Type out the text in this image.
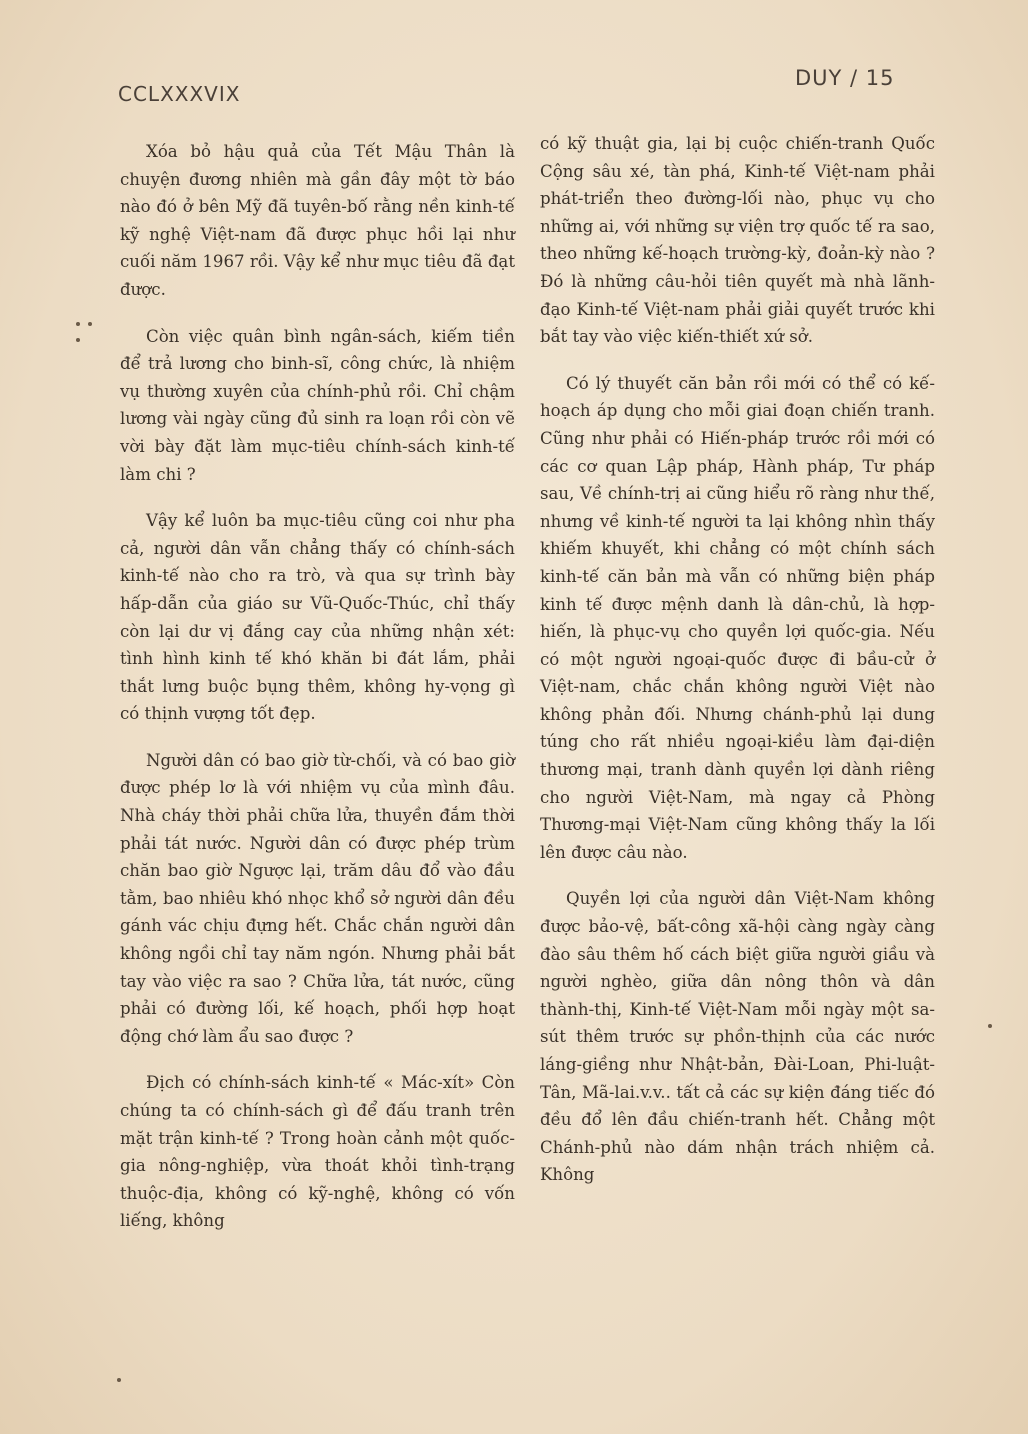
CCLXXXVIX
DUY / 15

Xóa bỏ hậu quả của Tết Mậu Thân là chuyện đương nhiên mà gần đây một tờ báo nào đó ở bên Mỹ đã tuyên-bố rằng nền kinh-tế kỹ nghệ Việt-nam đã được phục hồi lại như cuối năm 1967 rồi. Vậy kể như mục tiêu đã đạt được.

Còn việc quân bình ngân-sách, kiếm tiền để trả lương cho binh-sĩ, công chức, là nhiệm vụ thường xuyên của chính-phủ rồi. Chỉ chậm lương vài ngày cũng đủ sinh ra loạn rồi còn vẽ vời bày đặt làm mục-tiêu chính-sách kinh-tế làm chi ?

Vậy kể luôn ba mục-tiêu cũng coi như pha cả, người dân vẫn chẳng thấy có chính-sách kinh-tế nào cho ra trò, và qua sự trình bày hấp-dẫn của giáo sư Vũ-Quốc-Thúc, chỉ thấy còn lại dư vị đắng cay của những nhận xét: tình hình kinh tế khó khăn bi đát lắm, phải thắt lưng buộc bụng thêm, không hy-vọng gì có thịnh vượng tốt đẹp.

Người dân có bao giờ từ-chối, và có bao giờ được phép lơ là với nhiệm vụ của mình đâu. Nhà cháy thời phải chữa lửa, thuyền đắm thời phải tát nước. Người dân có được phép trùm chăn bao giờ Ngược lại, trăm dâu đổ vào đầu tằm, bao nhiêu khó nhọc khổ sở người dân đều gánh vác chịu đựng hết. Chắc chắn người dân không ngồi chỉ tay năm ngón. Nhưng phải bắt tay vào việc ra sao ? Chữa lửa, tát nước, cũng phải có đường lối, kế hoạch, phối hợp hoạt động chớ làm ẩu sao được ?

Địch có chính-sách kinh-tế « Mác-xít» Còn chúng ta có chính-sách gì để đấu tranh trên mặt trận kinh-tế ? Trong hoàn cảnh một quốc-gia nông-nghiệp, vừa thoát khỏi tình-trạng thuộc-địa, không có kỹ-nghệ, không có vốn liếng, không

có kỹ thuật gia, lại bị cuộc chiến-tranh Quốc Cộng sâu xé, tàn phá, Kinh-tế Việt-nam phải phát-triển theo đường-lối nào, phục vụ cho những ai, với những sự viện trợ quốc tế ra sao, theo những kế-hoạch trường-kỳ, đoản-kỳ nào ? Đó là những câu-hỏi tiên quyết mà nhà lãnh-đạo Kinh-tế Việt-nam phải giải quyết trước khi bắt tay vào việc kiến-thiết xứ sở.

Có lý thuyết căn bản rồi mới có thể có kế-hoạch áp dụng cho mỗi giai đoạn chiến tranh. Cũng như phải có Hiến-pháp trước rồi mới có các cơ quan Lập pháp, Hành pháp, Tư pháp sau, Về chính-trị ai cũng hiểu rõ ràng như thế, nhưng về kinh-tế người ta lại không nhìn thấy khiếm khuyết, khi chẳng có một chính sách kinh-tế căn bản mà vẫn có những biện pháp kinh tế được mệnh danh là dân-chủ, là hợp-hiến, là phục-vụ cho quyền lợi quốc-gia. Nếu có một người ngoại-quốc được đi bầu-cử ở Việt-nam, chắc chắn không người Việt nào không phản đối. Nhưng chánh-phủ lại dung túng cho rất nhiều ngoại-kiều làm đại-diện thương mại, tranh dành quyền lợi dành riêng cho người Việt-Nam, mà ngay cả Phòng Thương-mại Việt-Nam cũng không thấy la lối lên được câu nào.

Quyền lợi của người dân Việt-Nam không được bảo-vệ, bất-công xã-hội càng ngày càng đào sâu thêm hố cách biệt giữa người giầu và người nghèo, giữa dân nông thôn và dân thành-thị, Kinh-tế Việt-Nam mỗi ngày một sa-sút thêm trước sự phồn-thịnh của các nước láng-giềng như Nhật-bản, Đài-Loan, Phi-luật-Tân, Mã-lai.v.v.. tất cả các sự kiện đáng tiếc đó đều đổ lên đầu chiến-tranh hết. Chẳng một Chánh-phủ nào dám nhận trách nhiệm cả. Không
